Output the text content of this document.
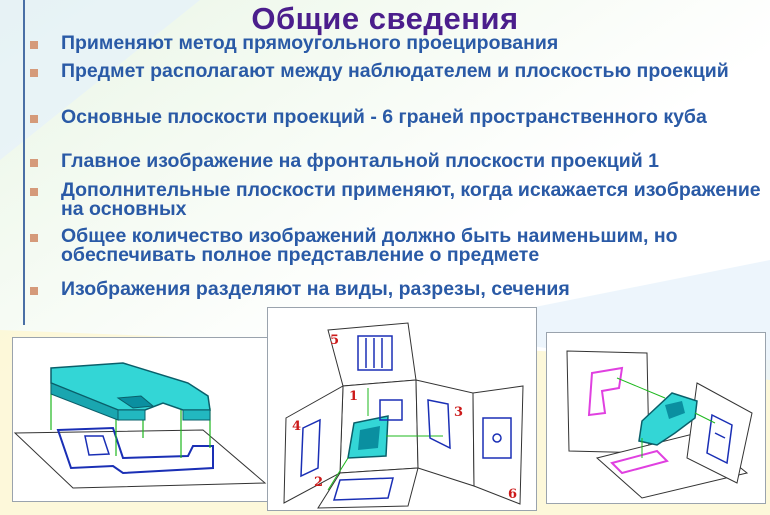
Общие сведения
Применяют метод прямоугольного проецирования
Предмет располагают между наблюдателем и плоскостью проекций
Основные плоскости проекций - 6 граней пространственного куба
Главное изображение на фронтальной плоскости проекций 1
Дополнительные плоскости применяют, когда искажается изображение на основных
Общее количество изображений должно быть наименьшим, но обеспечивать полное представление о предмете
Изображения разделяют на виды, разрезы, сечения
5
1
4
3
2
6
